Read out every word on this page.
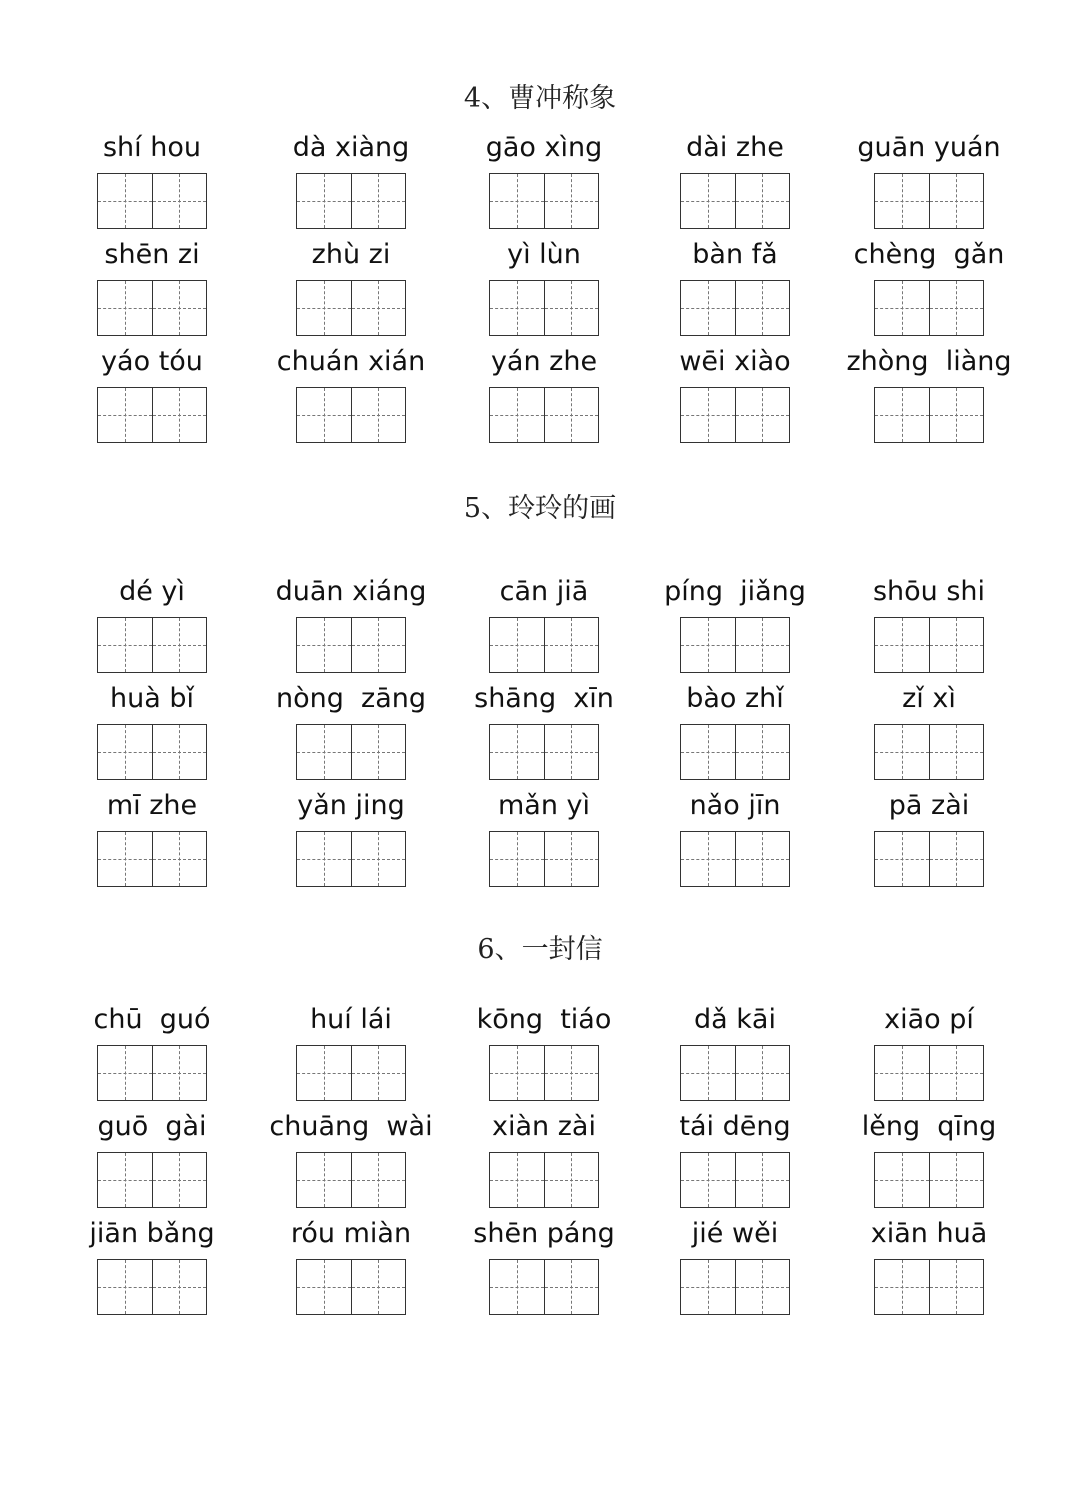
4、曹冲称象
shí hou	dà xiàng	gāo xìng	dài zhe	guān yuán
shēn zi	zhù zi	yì lùn	bàn fǎ	chèng  gǎn
yáo tóu	chuán xián	yán zhe	wēi xiào	zhòng  liàng
5、玲玲的画
dé yì	duān xiáng	cān jiā	píng  jiǎng	shōu shi
huà bǐ	nòng  zāng	shāng  xīn	bào zhǐ	zǐ xì
mī zhe	yǎn jing	mǎn yì	nǎo jīn	pā zài
6、一封信
chū  guó	huí lái	kōng  tiáo	dǎ kāi	xiāo pí
guō  gài	chuāng  wài	xiàn zài	tái dēng	lěng  qīng
jiān bǎng	róu miàn	shēn páng	jié wěi	xiān huā
